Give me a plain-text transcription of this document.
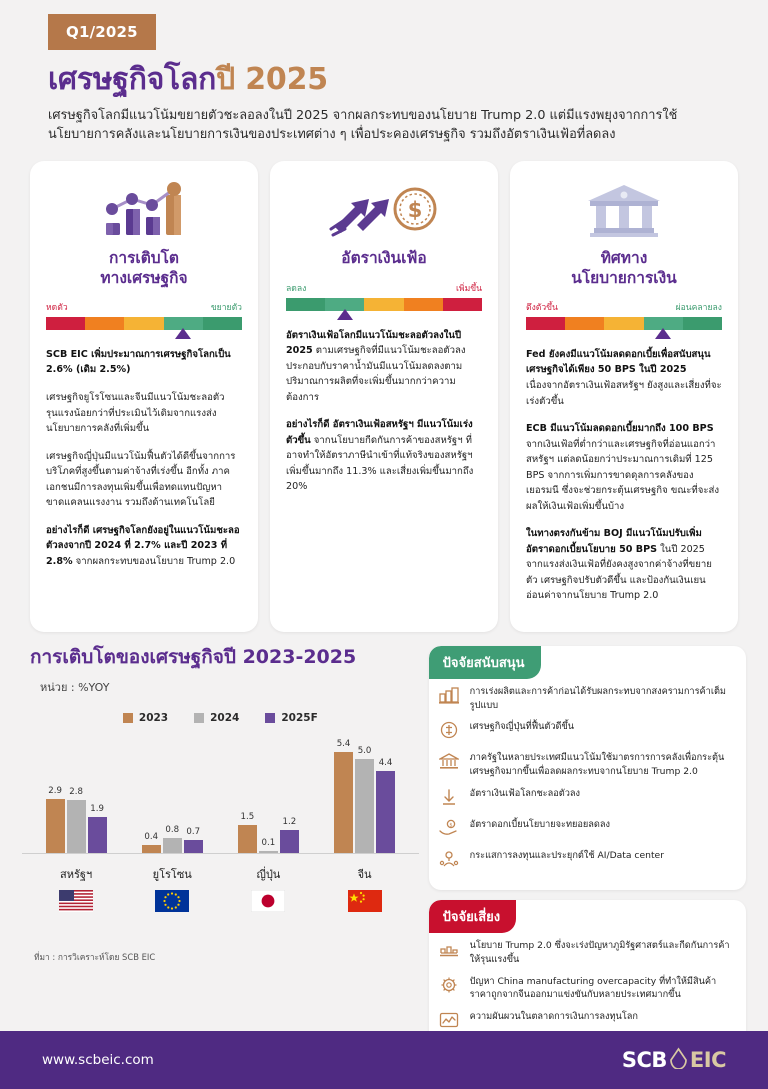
Q1/2025
เศรษฐกิจโลกปี 2025
เศรษฐกิจโลกมีแนวโน้มขยายตัวชะลอลงในปี 2025 จากผลกระทบของนโยบาย Trump 2.0 แต่มีแรงพยุงจากการใช้นโยบายการคลังและนโยบายการเงินของประเทศต่าง ๆ เพื่อประคองเศรษฐกิจ รวมถึงอัตราเงินเฟ้อที่ลดลง
การเติบโต
ทางเศรษฐกิจ
หดตัว	ขยายตัว

SCB EIC เพิ่มประมาณการเศรษฐกิจโลกเป็น 2.6% (เดิม 2.5%)

เศรษฐกิจยูโรโซนและจีนมีแนวโน้มชะลอตัวรุนแรงน้อยกว่าที่ประเมินไว้เดิมจากแรงส่งนโยบายการคลังที่เพิ่มขึ้น

เศรษฐกิจญี่ปุ่นมีแนวโน้มฟื้นตัวได้ดีขึ้นจากการบริโภคที่สูงขึ้นตามค่าจ้างที่เร่งขึ้น อีกทั้ง ภาคเอกชนมีการลงทุนเพิ่มขึ้นเพื่อทดแทนปัญหาขาดแคลนแรงงาน รวมถึงด้านเทคโนโลยี

อย่างไรก็ดี เศรษฐกิจโลกยังอยู่ในแนวโน้มชะลอตัวลงจากปี 2024 ที่ 2.7% และปี 2023 ที่ 2.8% จากผลกระทบของนโยบาย Trump 2.0

$
อัตราเงินเฟ้อ
ลดลง	เพิ่มขึ้น

อัตราเงินเฟ้อโลกมีแนวโน้มชะลอตัวลงในปี 2025 ตามเศรษฐกิจที่มีแนวโน้มชะลอตัวลง ประกอบกับราคาน้ำมันมีแนวโน้มลดลงตามปริมาณการผลิตที่จะเพิ่มขึ้นมากกว่าความต้องการ

อย่างไรก็ดี อัตราเงินเฟ้อสหรัฐฯ มีแนวโน้มเร่งตัวขึ้น จากนโยบายกีดกันการค้าของสหรัฐฯ ที่อาจทำให้อัตราภาษีนำเข้าที่แท้จริงของสหรัฐฯ เพิ่มขึ้นมากถึง 11.3% และเสี่ยงเพิ่มขึ้นมากถึง 20%

ทิศทาง
นโยบายการเงิน
ตึงตัวขึ้น	ผ่อนคลายลง

Fed ยังคงมีแนวโน้มลดดอกเบี้ยเพื่อสนับสนุนเศรษฐกิจได้เพียง 50 BPS ในปี 2025 เนื่องจากอัตราเงินเฟ้อสหรัฐฯ ยังสูงและเสี่ยงที่จะเร่งตัวขึ้น

ECB มีแนวโน้มลดดอกเบี้ยมากถึง 100 BPS จากเงินเฟ้อที่ต่ำกว่าและเศรษฐกิจที่อ่อนแอกว่าสหรัฐฯ แต่ลดน้อยกว่าประมาณการเดิมที่ 125 BPS จากการเพิ่มการขาดดุลการคลังของเยอรมนี ซึ่งจะช่วยกระตุ้นเศรษฐกิจ ขณะที่จะส่งผลให้เงินเฟ้อเพิ่มขึ้นบ้าง

ในทางตรงกันข้าม BOJ มีแนวโน้มปรับเพิ่มอัตราดอกเบี้ยนโยบาย 50 BPS ในปี 2025 จากแรงส่งเงินเฟ้อที่ยังคงสูงจากค่าจ้างที่ขยายตัว เศรษฐกิจปรับตัวดีขึ้น และป้องกันเงินเยนอ่อนค่าจากนโยบาย Trump 2.0

การเติบโตของเศรษฐกิจปี 2023-2025
หน่วย : %YOY
2023	2024	2025F
2.9 2.8
1.9
0.4
0.8 0.7
1.5
0.1
1.2
5.4
5.0
4.4
สหรัฐฯ	ยูโรโซน	ญี่ปุ่น	จีน
ที่มา : การวิเคราะห์โดย SCB EIC
ปัจจัยสนับสนุน
การเร่งผลิตและการค้าก่อนได้รับผลกระทบจากสงครามการค้าเต็มรูปแบบ
เศรษฐกิจญี่ปุ่นที่ฟื้นตัวดีขึ้น
ภาครัฐในหลายประเทศมีแนวโน้มใช้มาตรการการคลังเพื่อกระตุ้นเศรษฐกิจมากขึ้นเพื่อลดผลกระทบจากนโยบาย Trump 2.0
อัตราเงินเฟ้อโลกชะลอตัวลง
$ อัตราดอกเบี้ยนโยบายจะทยอยลดลง
กระแสการลงทุนและประยุกต์ใช้ AI/Data center
ปัจจัยเสี่ยง
นโยบาย Trump 2.0 ซึ่งจะเร่งปัญหาภูมิรัฐศาสตร์และกีดกันการค้าให้รุนแรงขึ้น
ปัญหา China manufacturing overcapacity ที่ทำให้มีสินค้าราคาถูกจากจีนออกมาแข่งขันกับหลายประเทศมากขึ้น
ความผันผวนในตลาดการเงินการลงทุนโลก
www.scbeic.com	SCB EIC
